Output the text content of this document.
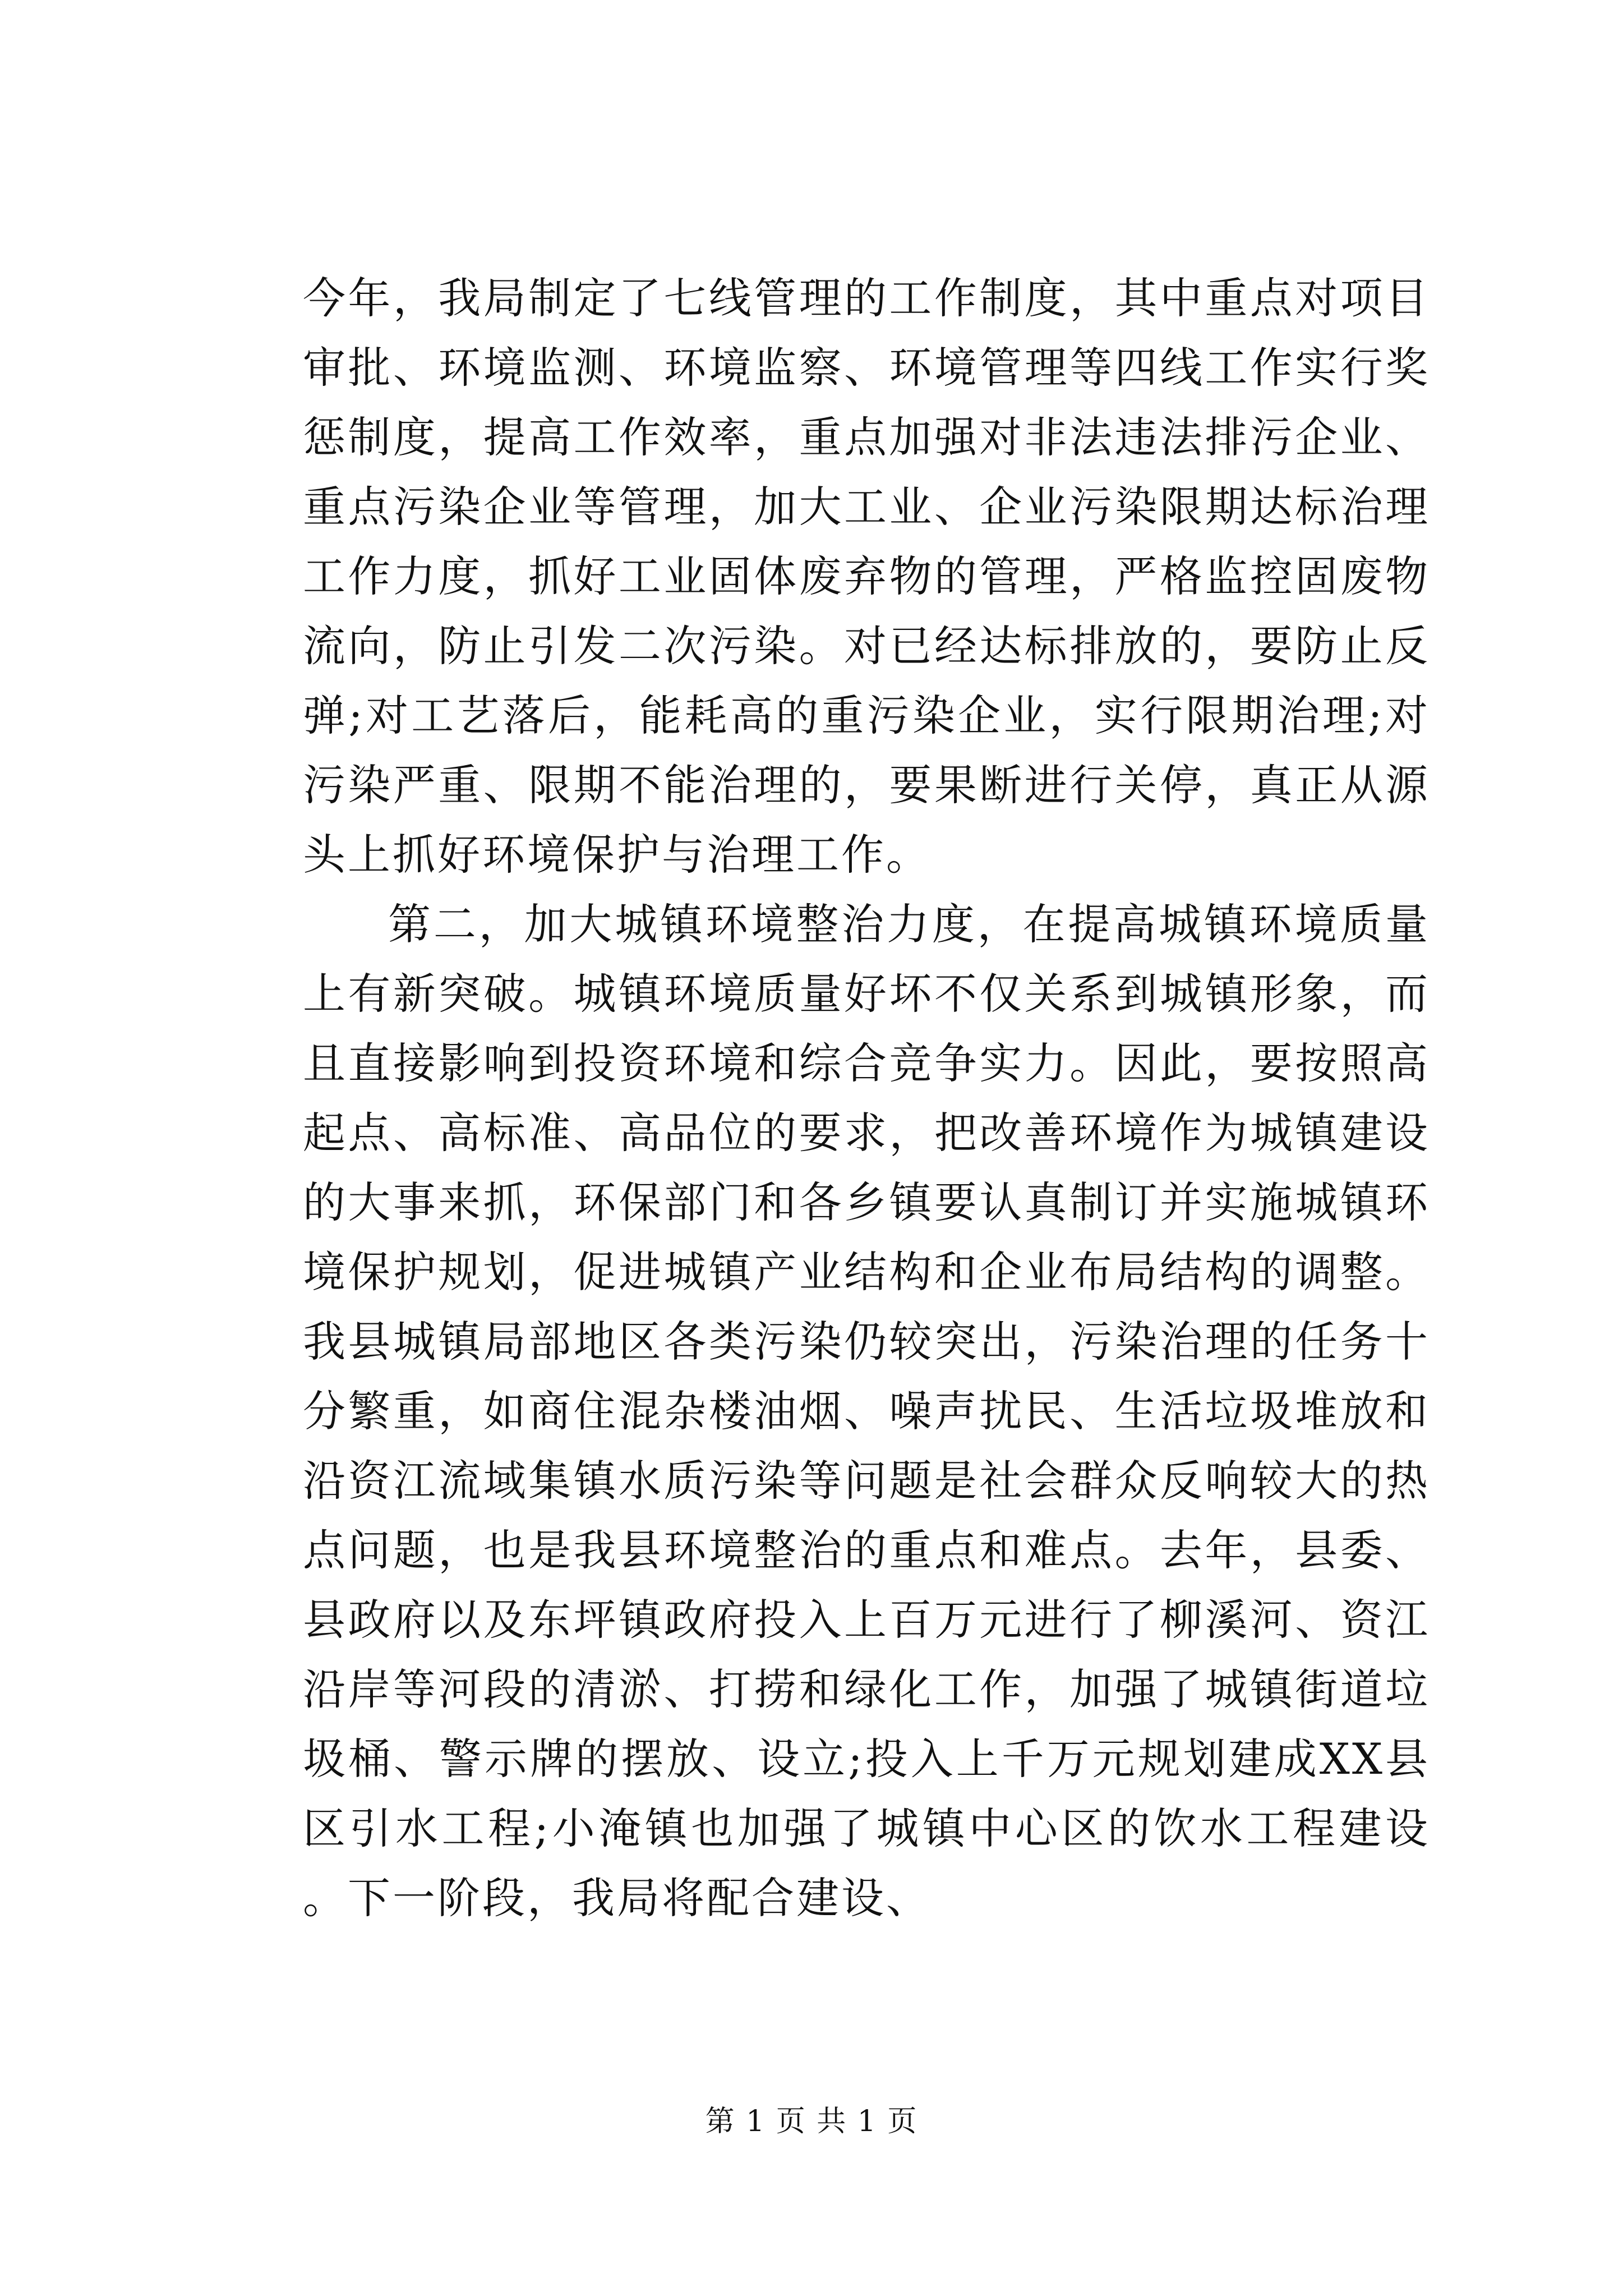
今年，我局制定了七线管理的工作制度，其中重点对项目审批、环境监测、环境监察、环境管理等四线工作实行奖惩制度，提高工作效率，重点加强对非法违法排污企业、重点污染企业等管理，加大工业、企业污染限期达标治理工作力度，抓好工业固体废弃物的管理，严格监控固废物流向，防止引发二次污染。对已经达标排放的，要防止反弹;对工艺落后，能耗高的重污染企业，实行限期治理;对污染严重、限期不能治理的，要果断进行关停，真正从源头上抓好环境保护与治理工作。

第二，加大城镇环境整治力度，在提高城镇环境质量上有新突破。城镇环境质量好坏不仅关系到城镇形象，而且直接影响到投资环境和综合竞争实力。因此，要按照高起点、高标准、高品位的要求，把改善环境作为城镇建设的大事来抓，环保部门和各乡镇要认真制订并实施城镇环境保护规划，促进城镇产业结构和企业布局结构的调整。我县城镇局部地区各类污染仍较突出，污染治理的任务十分繁重，如商住混杂楼油烟、噪声扰民、生活垃圾堆放和沿资江流域集镇水质污染等问题是社会群众反响较大的热点问题，也是我县环境整治的重点和难点。去年，县委、县政府以及东坪镇政府投入上百万元进行了柳溪河、资江沿岸等河段的清淤、打捞和绿化工作，加强了城镇街道垃圾桶、警示牌的摆放、设立;投入上千万元规划建成XX县区引水工程;小淹镇也加强了城镇中心区的饮水工程建设。下一阶段，我局将配合建设、

第 1 页 共 1 页
